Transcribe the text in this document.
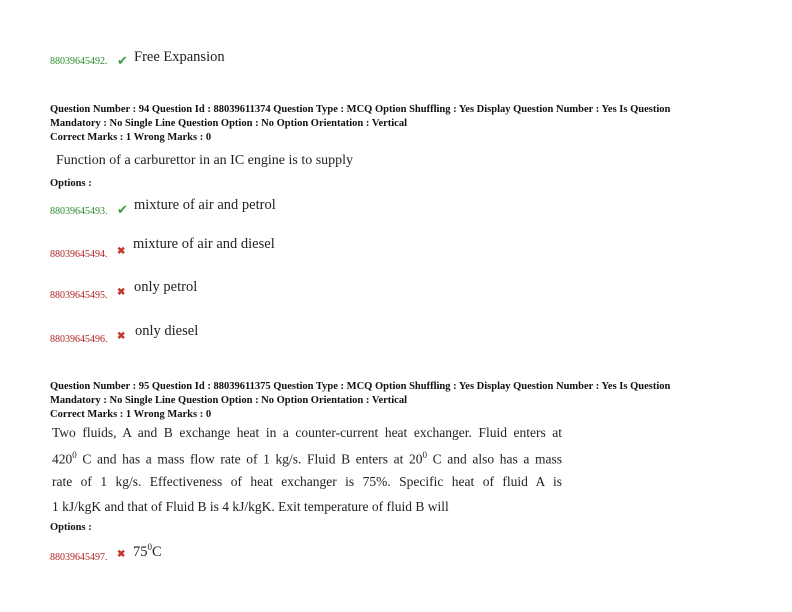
88039645492. ✔ Free Expansion
Question Number : 94 Question Id : 88039611374 Question Type : MCQ Option Shuffling : Yes Display Question Number : Yes Is Question
Mandatory : No Single Line Question Option : No Option Orientation : Vertical
Correct Marks : 1 Wrong Marks : 0
Function of a carburettor in an IC engine is to supply
Options :
88039645493. ✔ mixture of air and petrol
88039645494. ✖ mixture of air and diesel
88039645495. ✖ only petrol
88039645496. ✖ only diesel
Question Number : 95 Question Id : 88039611375 Question Type : MCQ Option Shuffling : Yes Display Question Number : Yes Is Question
Mandatory : No Single Line Question Option : No Option Orientation : Vertical
Correct Marks : 1 Wrong Marks : 0
Two fluids, A and B exchange heat in a counter-current heat exchanger. Fluid enters at
$420^0$ C and has a mass flow rate of 1 kg/s. Fluid B enters at $20^0$ C and also has a mass
rate of 1 kg/s. Effectiveness of heat exchanger is 75%. Specific heat of fluid A is
1 kJ/kgK and that of Fluid B is 4 kJ/kgK. Exit temperature of fluid B will
Options :
88039645497. ✖ $75^0C$
